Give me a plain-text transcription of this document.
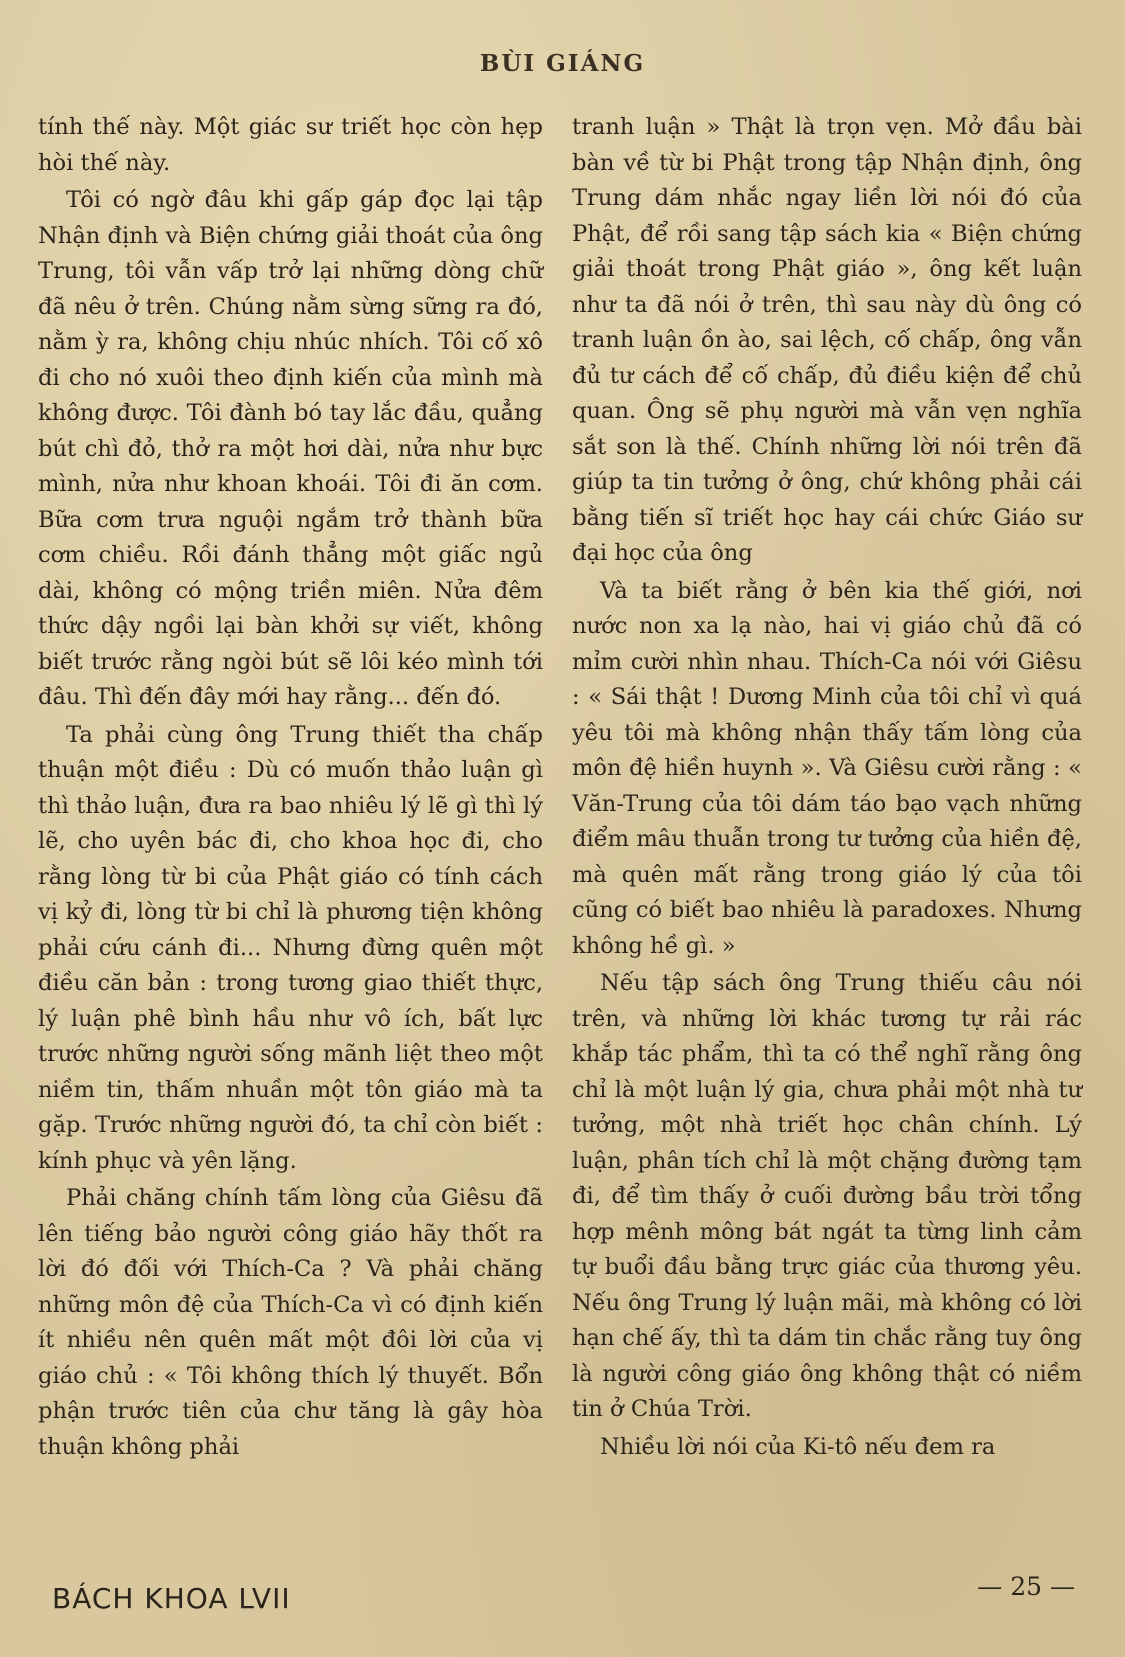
BÙI GIÁNG

tính thế này. Một giác sư triết học còn hẹp hòi thế này.

Tôi có ngờ đâu khi gấp gáp đọc lại tập Nhận định và Biện chứng giải thoát của ông Trung, tôi vẫn vấp trở lại những dòng chữ đã nêu ở trên. Chúng nằm sừng sững ra đó, nằm ỳ ra, không chịu nhúc nhích. Tôi cố xô đi cho nó xuôi theo định kiến của mình mà không được. Tôi đành bó tay lắc đầu, quẳng bút chì đỏ, thở ra một hơi dài, nửa như bực mình, nửa như khoan khoái. Tôi đi ăn cơm. Bữa cơm trưa nguội ngắm trở thành bữa cơm chiều. Rồi đánh thẳng một giấc ngủ dài, không có mộng triền miên. Nửa đêm thức dậy ngồi lại bàn khởi sự viết, không biết trước rằng ngòi bút sẽ lôi kéo mình tới đâu. Thì đến đây mới hay rằng... đến đó.

Ta phải cùng ông Trung thiết tha chấp thuận một điều : Dù có muốn thảo luận gì thì thảo luận, đưa ra bao nhiêu lý lẽ gì thì lý lẽ, cho uyên bác đi, cho khoa học đi, cho rằng lòng từ bi của Phật giáo có tính cách vị kỷ đi, lòng từ bi chỉ là phương tiện không phải cứu cánh đi... Nhưng đừng quên một điều căn bản : trong tương giao thiết thực, lý luận phê bình hầu như vô ích, bất lực trước những người sống mãnh liệt theo một niềm tin, thấm nhuần một tôn giáo mà ta gặp. Trước những người đó, ta chỉ còn biết : kính phục và yên lặng.

Phải chăng chính tấm lòng của Giêsu đã lên tiếng bảo người công giáo hãy thốt ra lời đó đối với Thích-Ca ? Và phải chăng những môn đệ của Thích-Ca vì có định kiến ít nhiều nên quên mất một đôi lời của vị giáo chủ : « Tôi không thích lý thuyết. Bổn phận trước tiên của chư tăng là gây hòa thuận không phải

tranh luận » Thật là trọn vẹn. Mở đầu bài bàn về từ bi Phật trong tập Nhận định, ông Trung dám nhắc ngay liền lời nói đó của Phật, để rồi sang tập sách kia « Biện chứng giải thoát trong Phật giáo », ông kết luận như ta đã nói ở trên, thì sau này dù ông có tranh luận ồn ào, sai lệch, cố chấp, ông vẫn đủ tư cách để cố chấp, đủ điều kiện để chủ quan. Ông sẽ phụ người mà vẫn vẹn nghĩa sắt son là thế. Chính những lời nói trên đã giúp ta tin tưởng ở ông, chứ không phải cái bằng tiến sĩ triết học hay cái chức Giáo sư đại học của ông

Và ta biết rằng ở bên kia thế giới, nơi nước non xa lạ nào, hai vị giáo chủ đã có mỉm cười nhìn nhau. Thích-Ca nói với Giêsu : « Sái thật ! Dương Minh của tôi chỉ vì quá yêu tôi mà không nhận thấy tấm lòng của môn đệ hiền huynh ». Và Giêsu cười rằng : « Văn-Trung của tôi dám táo bạo vạch những điểm mâu thuẫn trong tư tưởng của hiền đệ, mà quên mất rằng trong giáo lý của tôi cũng có biết bao nhiêu là paradoxes. Nhưng không hề gì. »

Nếu tập sách ông Trung thiếu câu nói trên, và những lời khác tương tự rải rác khắp tác phẩm, thì ta có thể nghĩ rằng ông chỉ là một luận lý gia, chưa phải một nhà tư tưởng, một nhà triết học chân chính. Lý luận, phân tích chỉ là một chặng đường tạm đi, để tìm thấy ở cuối đường bầu trời tổng hợp mênh mông bát ngát ta từng linh cảm tự buổi đầu bằng trực giác của thương yêu. Nếu ông Trung lý luận mãi, mà không có lời hạn chế ấy, thì ta dám tin chắc rằng tuy ông là người công giáo ông không thật có niềm tin ở Chúa Trời.

Nhiều lời nói của Ki-tô nếu đem ra

BÁCH KHOA LVII	— 25 —
